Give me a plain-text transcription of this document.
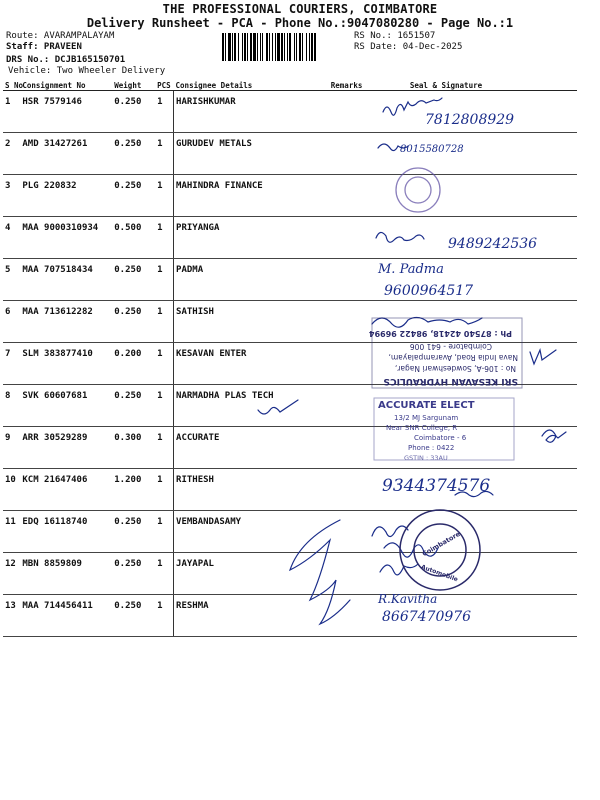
THE PROFESSIONAL COURIERS, COIMBATORE
Delivery Runsheet - PCA - Phone No.:9047080280 - Page No.:1
Route: AVARAMPALAYAM
Staff: PRAVEEN
DRS No.: DCJB165150701
Vehicle: Two Wheeler Delivery
RS No.: 1651507
RS Date: 04-Dec-2025
S No	Consignment No	Weight	PCS	Consignee Details	Remarks	Seal & Signature
1	HSR 7579146	0.250	1	HARISHKUMAR		
2	AMD 31427261	0.250	1	GURUDEV METALS		
3	PLG 220832	0.250	1	MAHINDRA FINANCE		
4	MAA 9000310934	0.500	1	PRIYANGA		
5	MAA 707518434	0.250	1	PADMA		
6	MAA 713612282	0.250	1	SATHISH		
7	SLM 383877410	0.200	1	KESAVAN ENTER		
8	SVK 60607681	0.250	1	NARMADHA PLAS TECH		
9	ARR 30529289	0.300	1	ACCURATE		
10	KCM 21647406	1.200	1	RITHESH		
11	EDQ 16118740	0.250	1	VEMBANDASAMY		
12	MBN 8859809	0.250	1	JAYAPAL		
13	MAA 714456411	0.250	1	RESHMA		
7812808929
8015580728
9489242536
M. Padma
9600964517
9344374576
R.Kavitha
8667470976
SRI KESAVAN HYDRAULICS
No : 106-A, Sowdeshwari Nagar,
Nava India Road, Avarampalayam,
Coimbatore - 641 006
Ph : 87540 42418, 98422 96994
ACCURATE ELECT
13/2 MJ Sargunam
Near SNR College, R
Coimbatore - 6
Phone : 0422
GSTIN : 33AU
Coimbatore
Automobile
